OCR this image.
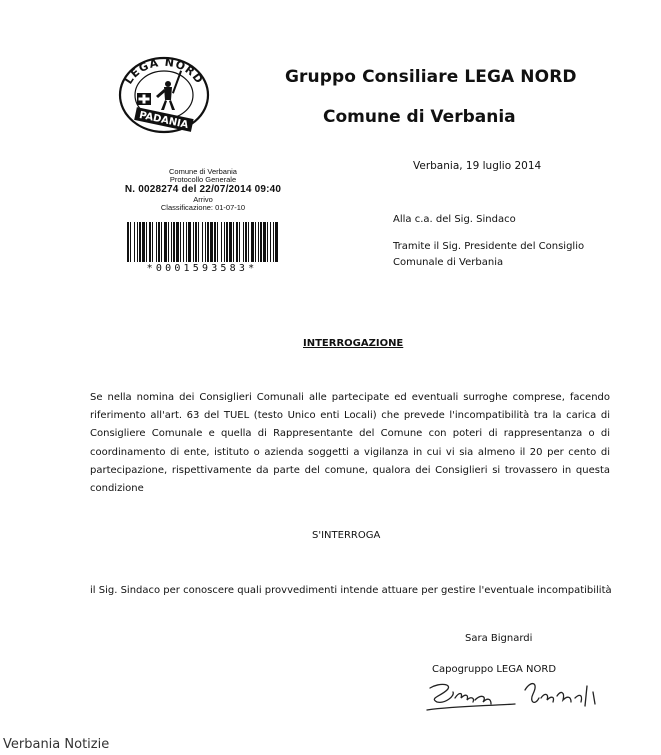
LEGA NORD
PADANIA
Gruppo Consiliare LEGA NORD
Comune di Verbania
Verbania, 19 luglio 2014
Comune di Verbania
Protocollo Generale
N. 0028274 del 22/07/2014 09:40
Arrivo
Classificazione: 01-07-10
*0001593583*
Alla c.a. del Sig. Sindaco
Tramite il Sig. Presidente del Consiglio
Comunale di Verbania
INTERROGAZIONE
Se nella nomina dei Consiglieri Comunali alle partecipate ed eventuali surroghe comprese, facendo
riferimento all'art. 63 del TUEL (testo Unico enti Locali) che prevede l'incompatibilità tra la carica di
Consigliere Comunale e quella di Rappresentante del Comune con poteri di rappresentanza o di
coordinamento di ente, istituto o azienda soggetti a vigilanza in cui vi sia almeno il 20 per cento di
partecipazione, rispettivamente da parte del comune, qualora dei Consiglieri si trovassero in questa
condizione
S'INTERROGA
il Sig. Sindaco per conoscere quali provvedimenti intende attuare per gestire l'eventuale incompatibilità
Sara Bignardi
Capogruppo LEGA NORD
Verbania Notizie
